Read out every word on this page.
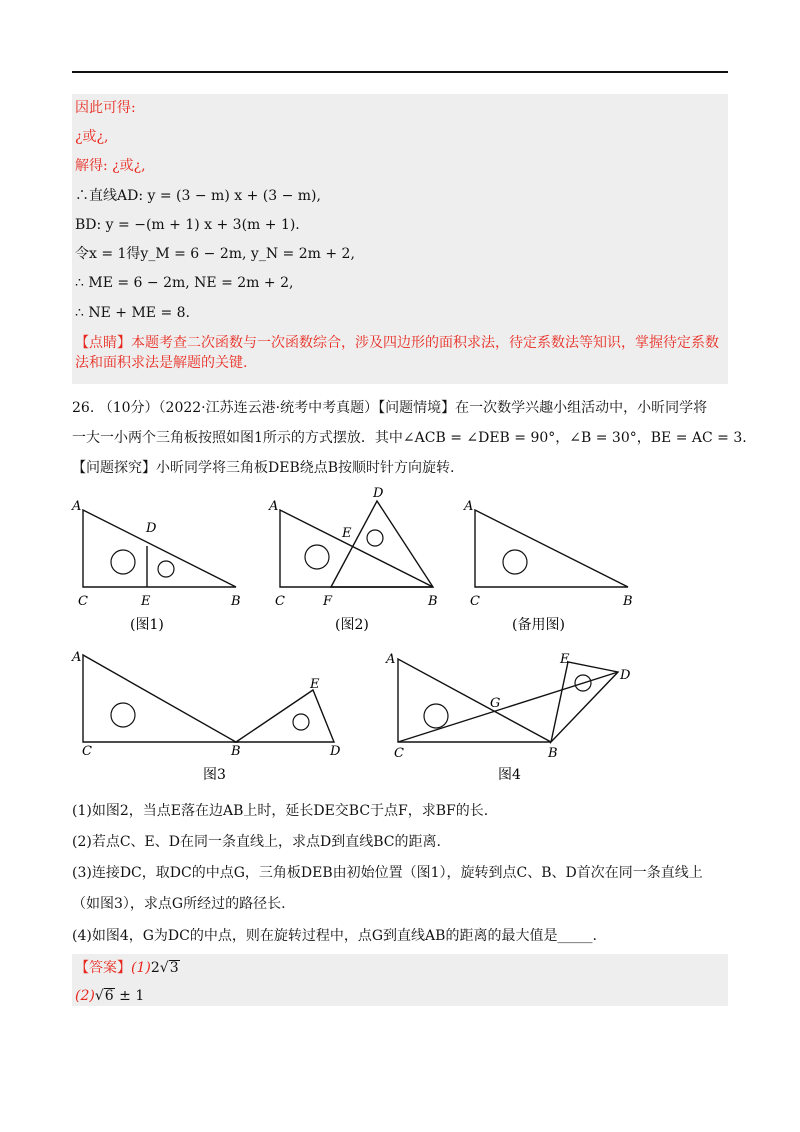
因此可得:
¿或¿,
解得: ¿或¿,
∴直线AD: y = (3 − m) x + (3 − m),
BD: y = −(m + 1) x + 3(m + 1).
令x = 1得y_M = 6 − 2m, y_N = 2m + 2,
∴ ME = 6 − 2m, NE = 2m + 2,
∴ NE + ME = 8.
【点睛】本题考查二次函数与一次函数综合，涉及四边形的面积求法，待定系数法等知识，掌握待定系数
法和面积求法是解题的关键.
26. （10分）（2022·江苏连云港·统考中考真题）【问题情境】在一次数学兴趣小组活动中，小昕同学将
一大一小两个三角板按照如图1所示的方式摆放．其中∠ACB = ∠DEB = 90°，∠B = 30°，BE = AC = 3.
【问题探究】小昕同学将三角板DEB绕点B按顺时针方向旋转.
A
D
C	E	B
(图1)
A
D
E
C	F	B
(图2)
A
C	B
(备用图)
A
E
C	B	D
图3
A	E
D
G
C	B
图4
(1)如图2，当点E落在边AB上时，延长DE交BC于点F，求BF的长.
(2)若点C、E、D在同一条直线上，求点D到直线BC的距离.
(3)连接DC，取DC的中点G，三角板DEB由初始位置（图1），旋转到点C、B、D首次在同一条直线上
（如图3），求点G所经过的路径长.
(4)如图4，G为DC的中点，则在旋转过程中，点G到直线AB的距离的最大值是_____.
【答案】(1)2√3
(2)√6 ± 1
